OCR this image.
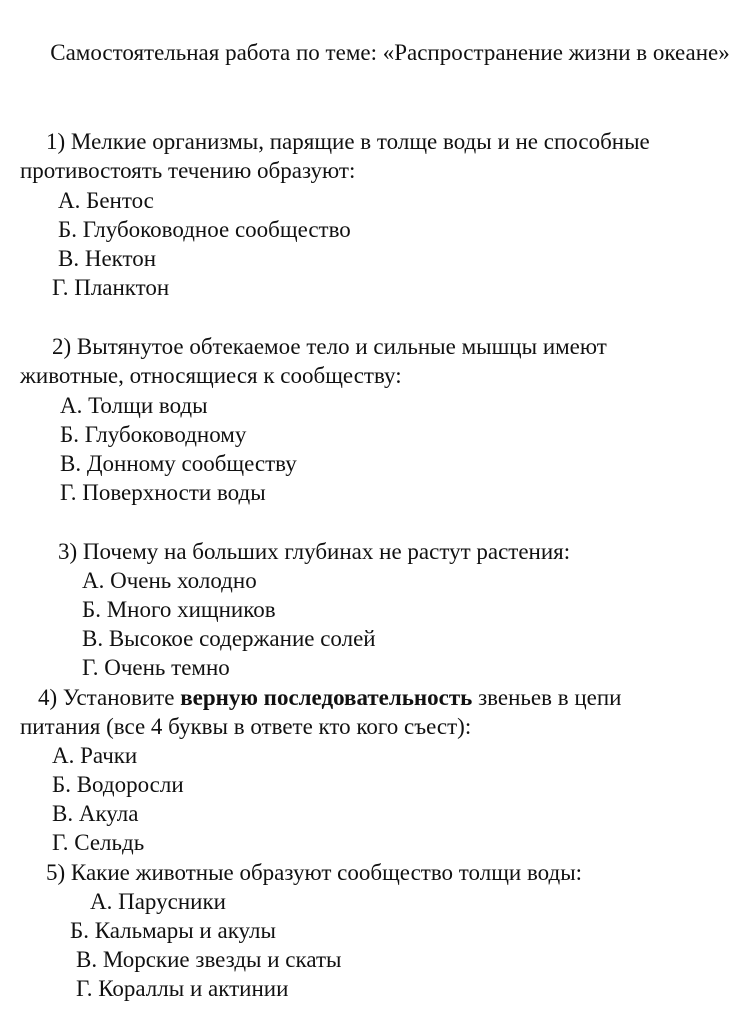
Самостоятельная работа по теме: «Распространение жизни в океане»
1) Мелкие организмы, парящие в толще воды и не способные
противостоять течению образуют:
А. Бентос
Б. Глубоководное сообщество
В. Нектон
Г. Планктон
2) Вытянутое обтекаемое тело и сильные мышцы имеют
животные, относящиеся к сообществу:
А. Толщи воды
Б. Глубоководному
В. Донному сообществу
Г. Поверхности воды
3) Почему на больших глубинах не растут растения:
А. Очень холодно
Б. Много хищников
В. Высокое содержание солей
Г. Очень темно
4) Установите верную последовательность звеньев в цепи
питания (все 4 буквы в ответе кто кого съест):
А. Рачки
Б. Водоросли
В. Акула
Г. Сельдь
5) Какие животные образуют сообщество толщи воды:
А. Парусники
Б. Кальмары и акулы
В. Морские звезды и скаты
Г. Кораллы и актинии
